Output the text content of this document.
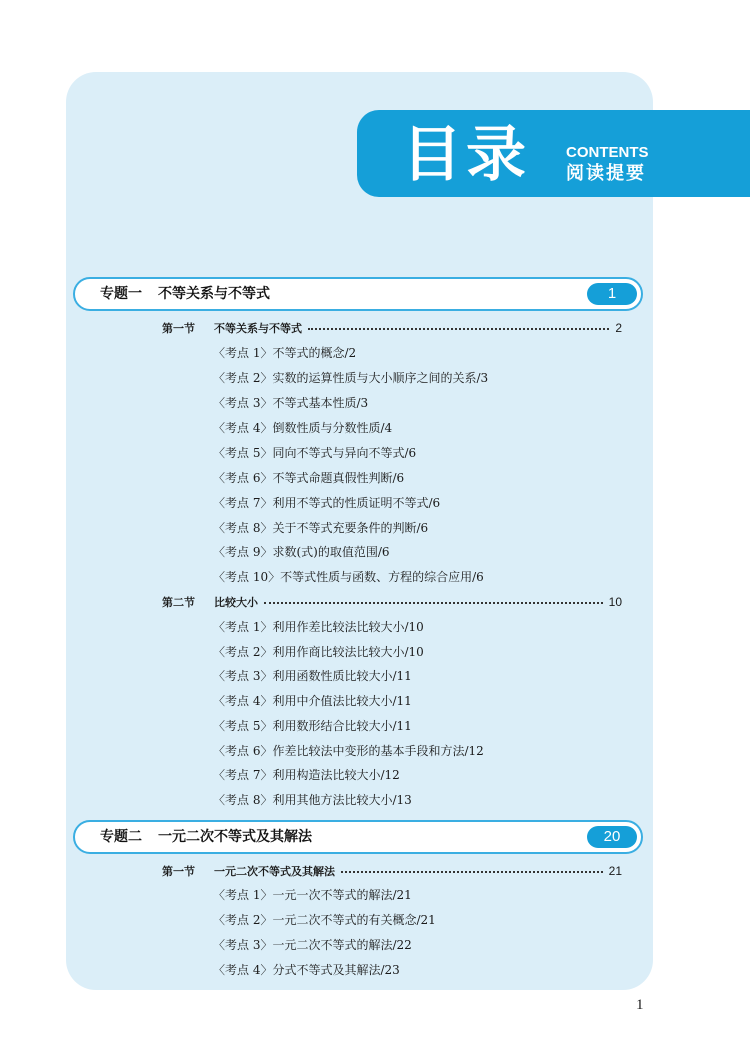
目录 CONTENTS
阅读提要
专题一 不等关系与不等式	1
第一节	不等关系与不等式	2
〈考点 1〉不等式的概念/2
〈考点 2〉实数的运算性质与大小顺序之间的关系/3
〈考点 3〉不等式基本性质/3
〈考点 4〉倒数性质与分数性质/4
〈考点 5〉同向不等式与异向不等式/6
〈考点 6〉不等式命题真假性判断/6
〈考点 7〉利用不等式的性质证明不等式/6
〈考点 8〉关于不等式充要条件的判断/6
〈考点 9〉求数(式)的取值范围/6
〈考点 10〉不等式性质与函数、方程的综合应用/6
第二节	比较大小	10
〈考点 1〉利用作差比较法比较大小/10
〈考点 2〉利用作商比较法比较大小/10
〈考点 3〉利用函数性质比较大小/11
〈考点 4〉利用中介值法比较大小/11
〈考点 5〉利用数形结合比较大小/11
〈考点 6〉作差比较法中变形的基本手段和方法/12
〈考点 7〉利用构造法比较大小/12
〈考点 8〉利用其他方法比较大小/13
专题二 一元二次不等式及其解法	20
第一节	一元二次不等式及其解法	21
〈考点 1〉一元一次不等式的解法/21
〈考点 2〉一元二次不等式的有关概念/21
〈考点 3〉一元二次不等式的解法/22
〈考点 4〉分式不等式及其解法/23
1
